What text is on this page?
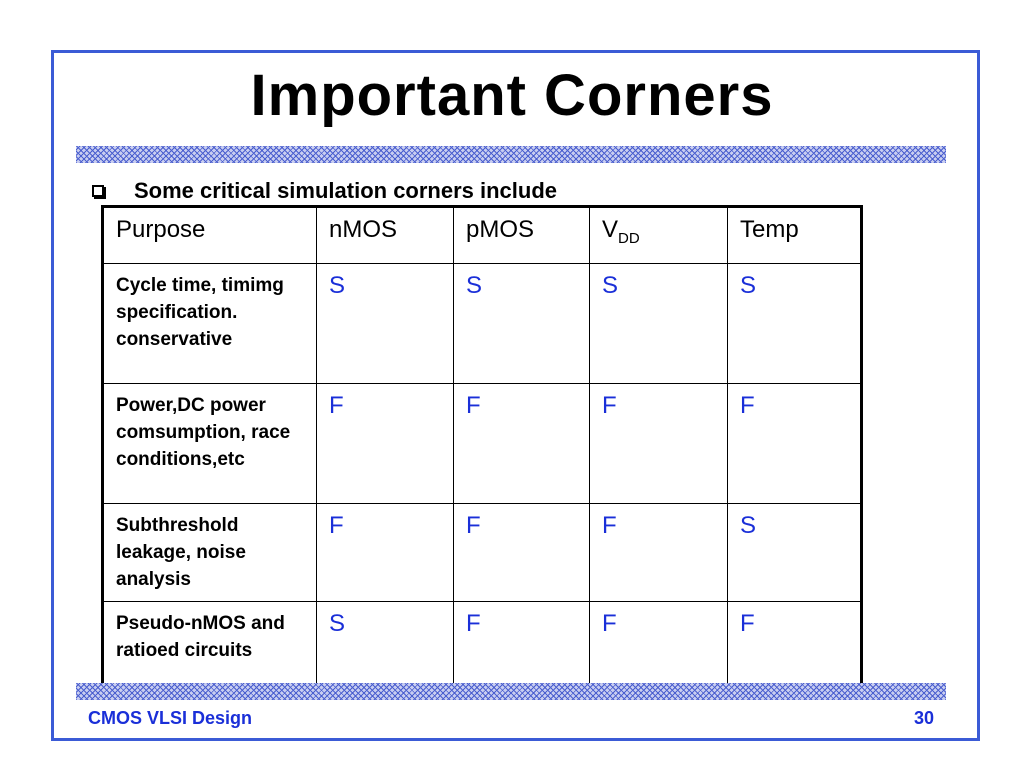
Important Corners
Some critical simulation corners include
Purpose	nMOS	pMOS	$V_{DD}$	Temp
Cycle time, timimg specification. conservative	S	S	S	S
Power,DC power comsumption, race conditions,etc	F	F	F	F
Subthreshold leakage, noise analysis	F	F	F	S
Pseudo-nMOS and ratioed circuits	S	F	F	F
CMOS VLSI Design	30
